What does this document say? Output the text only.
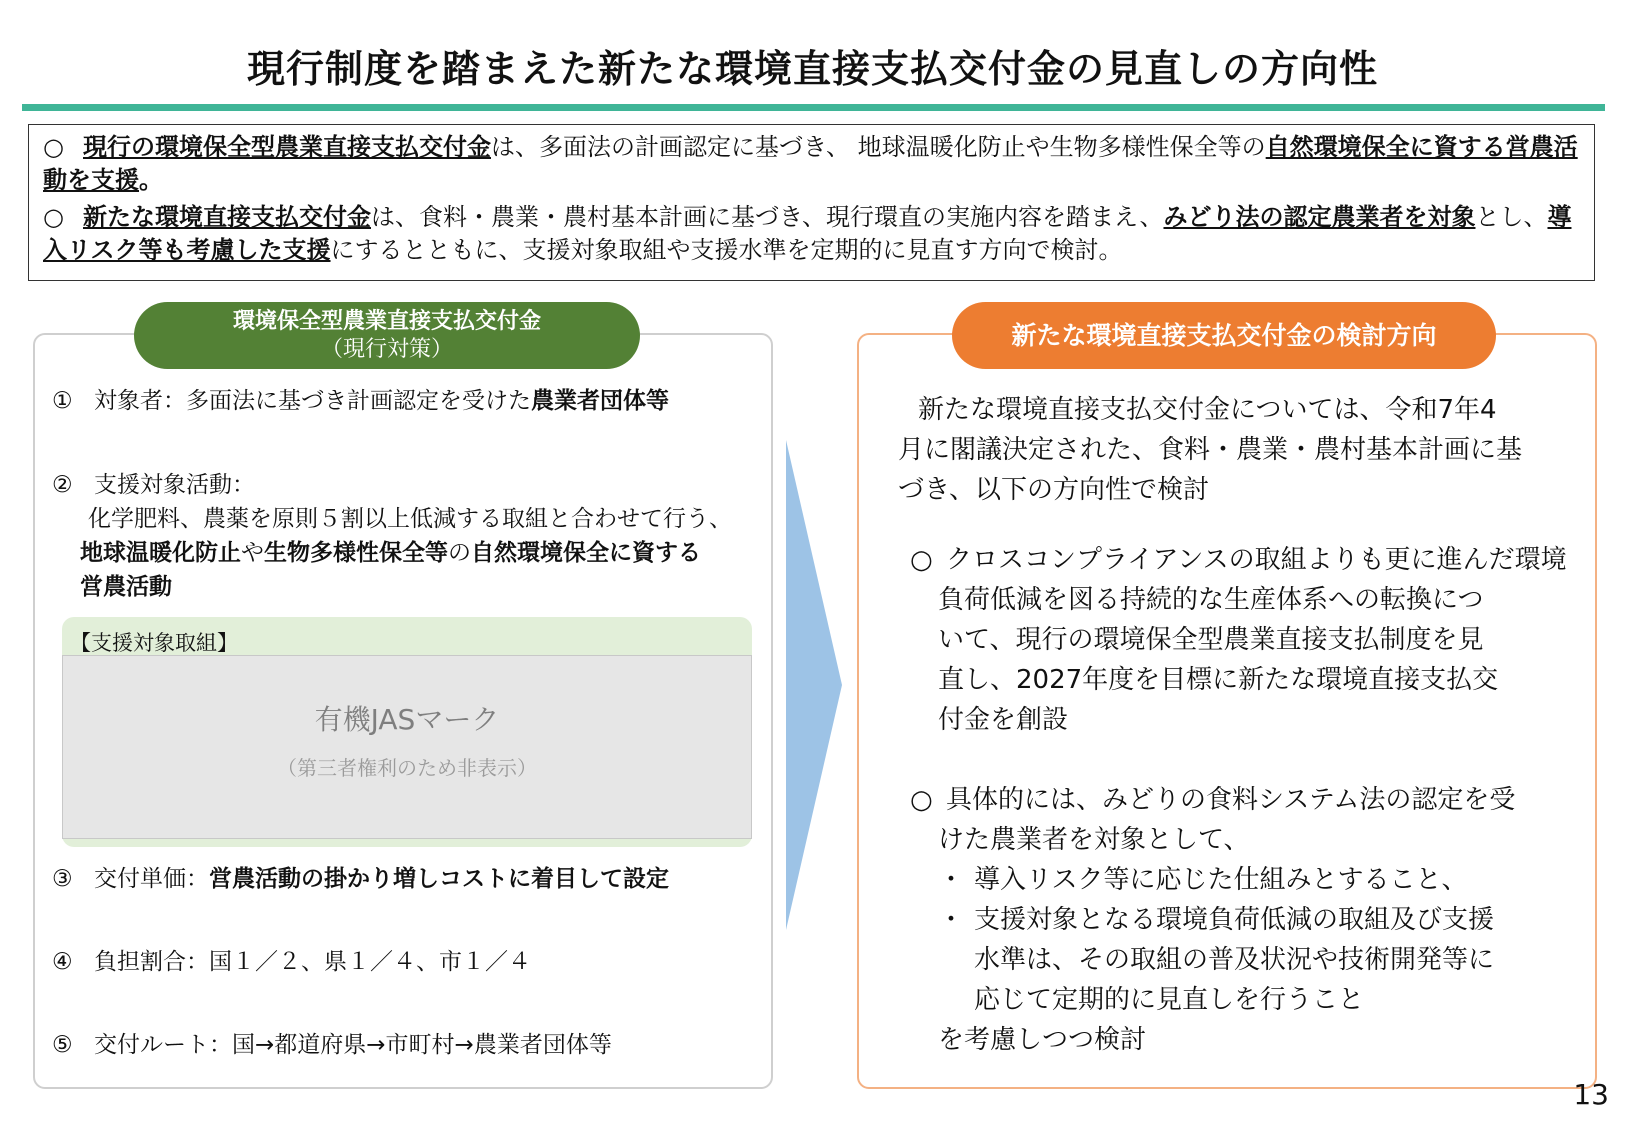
現行制度を踏まえた新たな環境直接支払交付金の見直しの方向性

○ 現行の環境保全型農業直接支払交付金は、多面法の計画認定に基づき、 地球温暖化防止や生物多様性保全等の自然環境保全に資する営農活動を支援。

○ 新たな環境直接支払交付金は、食料・農業・農村基本計画に基づき、現行環直の実施内容を踏まえ、みどり法の認定農業者を対象とし、導入リスク等も考慮した支援にするとともに、支援対象取組や支援水準を定期的に見直す方向で検討。

環境保全型農業直接支払交付金
（現行対策）
① 対象者：多面法に基づき計画認定を受けた農業者団体等
② 支援対象活動：
化学肥料、農薬を原則５割以上低減する取組と合わせて行う、
地球温暖化防止や生物多様性保全等の自然環境保全に資する
営農活動
【支援対象取組】
有機JASマーク
（第三者権利のため非表示）
③ 交付単価：営農活動の掛かり増しコストに着目して設定
④ 負担割合：国１／２、県１／４、市１／４
⑤ 交付ルート：国→都道府県→市町村→農業者団体等
新たな環境直接支払交付金の検討方向
新たな環境直接支払交付金については、令和7年4
月に閣議決定された、食料・農業・農村基本計画に基
づき、以下の方向性で検討
○ クロスコンプライアンスの取組よりも更に進んだ環境
負荷低減を図る持続的な生産体系への転換につ
いて、現行の環境保全型農業直接支払制度を見
直し、2027年度を目標に新たな環境直接支払交
付金を創設
○ 具体的には、みどりの食料システム法の認定を受
けた農業者を対象として、
・ 導入リスク等に応じた仕組みとすること、
・ 支援対象となる環境負荷低減の取組及び支援
水準は、その取組の普及状況や技術開発等に
応じて定期的に見直しを行うこと
を考慮しつつ検討
13
